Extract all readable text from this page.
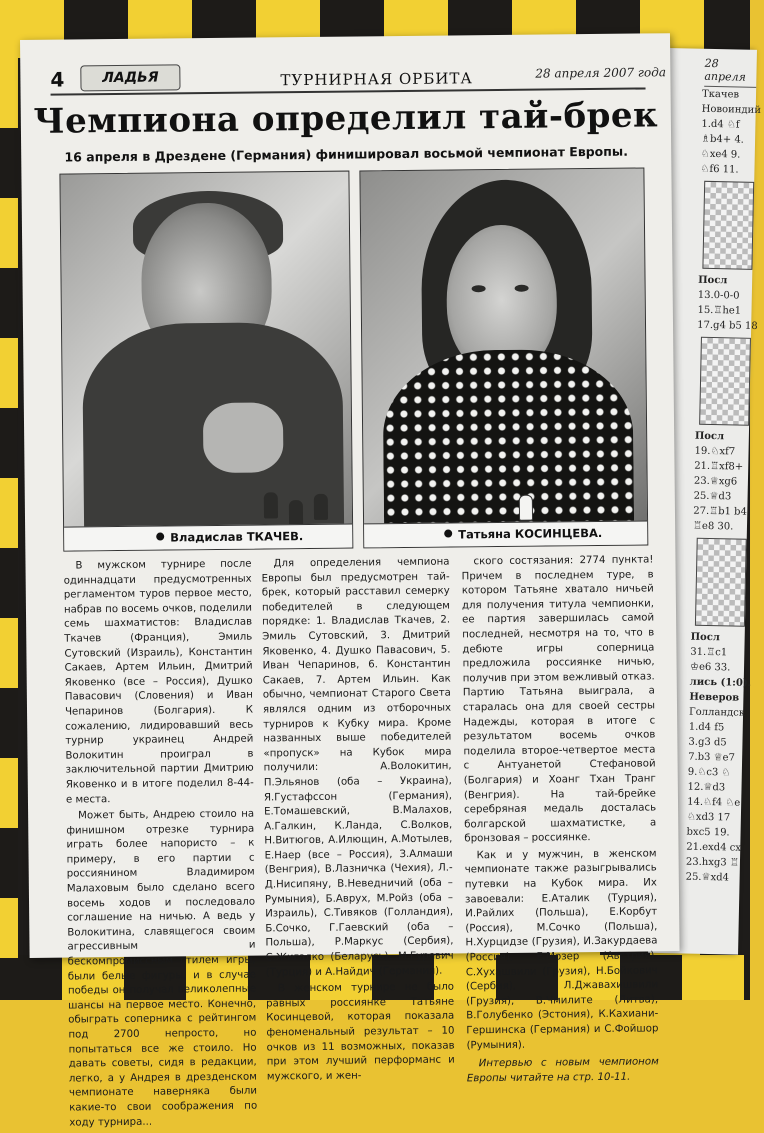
28 апреля
Ткачев
Новоиндий
1.d4 ♘f
♗b4+ 4.
♘xe4 9.
♘f6 11.
Посл
13.0-0-0
15.♖he1
17.g4 b5 18
Посл
19.♘xf7
21.♖xf8+
23.♕xg6
25.♕d3
27.♖b1 b4
♖e8 30.
Посл
31.♖c1
♔e6 33.
лись (1:0).
Неверов
Голландск
1.d4 f5
3.g3 d5
7.b3 ♕e7
9.♘c3 ♘
12.♕d3
14.♘f4 ♘e
♘xd3 17
bxc5 19.
21.exd4 cx
23.hxg3 ♖
25.♕xd4
4	ЛАДЬЯ	ТУРНИРНАЯ ОРБИТА	28 апреля 2007 года
Чемпиона определил тай-брек
16 апреля в Дрездене (Германия) финишировал восьмой чемпионат Европы.
Владислав ТКАЧЕВ.	Татьяна КОСИНЦЕВА.

В мужском турнире после одиннадцати предусмотренных регламентом туров первое место, набрав по восемь очков, поделили семь шахматистов: Владислав Ткачев (Франция), Эмиль Сутовский (Израиль), Константин Сакаев, Артем Ильин, Дмитрий Яковенко (все – Россия), Душко Павасович (Словения) и Иван Чепаринов (Болгария). К сожалению, лидировавший весь турнир украинец Андрей Волокитин проиграл в заключительной партии Дмитрию Яковенко и в итоге поделил 8-44-е места.

Может быть, Андрею стоило на финишном отрезке турнира играть более напористо – к примеру, в его партии с россиянином Владимиром Малаховым было сделано всего восемь ходов и последовало соглашение на ничью. А ведь у Волокитина, славящегося своим агрессивным и бескомпромиссным стилем игры, были белые фигуры, и в случае победы он получал великолепные шансы на первое место. Конечно, обыграть соперника с рейтингом под 2700 непросто, но попытаться все же стоило. Но давать советы, сидя в редакции, легко, а у Андрея в дрезденском чемпионате наверняка были какие-то свои соображения по ходу турнира...

Для определения чемпиона Европы был предусмотрен тай-брек, который расставил семерку победителей в следующем порядке: 1. Владислав Ткачев, 2. Эмиль Сутовский, 3. Дмитрий Яковенко, 4. Душко Павасович, 5. Иван Чепаринов, 6. Константин Сакаев, 7. Артем Ильин. Как обычно, чемпионат Старого Света являлся одним из отборочных турниров к Кубку мира. Кроме названных выше победителей «пропуск» на Кубок мира получили: А.Волокитин, П.Эльянов (оба – Украина), Я.Густафссон (Германия), Е.Томашевский, В.Малахов, А.Галкин, К.Ланда, С.Волков, Н.Витюгов, А.Илющин, А.Мотылев, Е.Наер (все – Россия), З.Алмаши (Венгрия), В.Лазничка (Чехия), Л.-Д.Нисипяну, В.Неведничий (оба – Румыния), Б.Аврух, М.Ройз (оба – Израиль), С.Тивяков (Голландия), Б.Сочко, Г.Гаевский (оба – Польша), Р.Маркус (Сербия), С.Жигалко (Беларусь), М.Гуревич (Турция) и А.Найдич (Германия).

В женском турнире не было равных россиянке Татьяне Косинцевой, которая показала феноменальный результат – 10 очков из 11 возможных, показав при этом лучший перформанс и мужского, и жен-

ского состязания: 2774 пункта! Причем в последнем туре, в котором Татьяне хватало ничьей для получения титула чемпионки, ее партия завершилась самой последней, несмотря на то, что в дебюте игры соперница предложила россиянке ничью, получив при этом вежливый отказ. Партию Татьяна выиграла, а старалась она для своей сестры Надежды, которая в итоге с результатом восемь очков поделила второе-четвертое места с Антуанетой Стефановой (Болгария) и Хоанг Тхан Транг (Венгрия). На тай-брейке серебряная медаль досталась болгарской шахматистке, а бронзовая – россиянке.

Как и у мужчин, в женском чемпионате также разыгрывались путевки на Кубок мира. Их завоевали: Е.Аталик (Турция), И.Райлих (Польша), Е.Корбут (Россия), М.Сочко (Польша), Н.Хурцидзе (Грузия), И.Закурдаева (Россия), Е.Мозер (Австрия), С.Хухашвили (Грузия), Н.Бойкович (Сербия), Л.Джавахишвили (Грузия), В.Чмилите (Литва), В.Голубенко (Эстония), К.Кахиани-Гершинска (Германия) и С.Фойшор (Румыния).

Интервью с новым чемпионом Европы читайте на стр. 10-11.
